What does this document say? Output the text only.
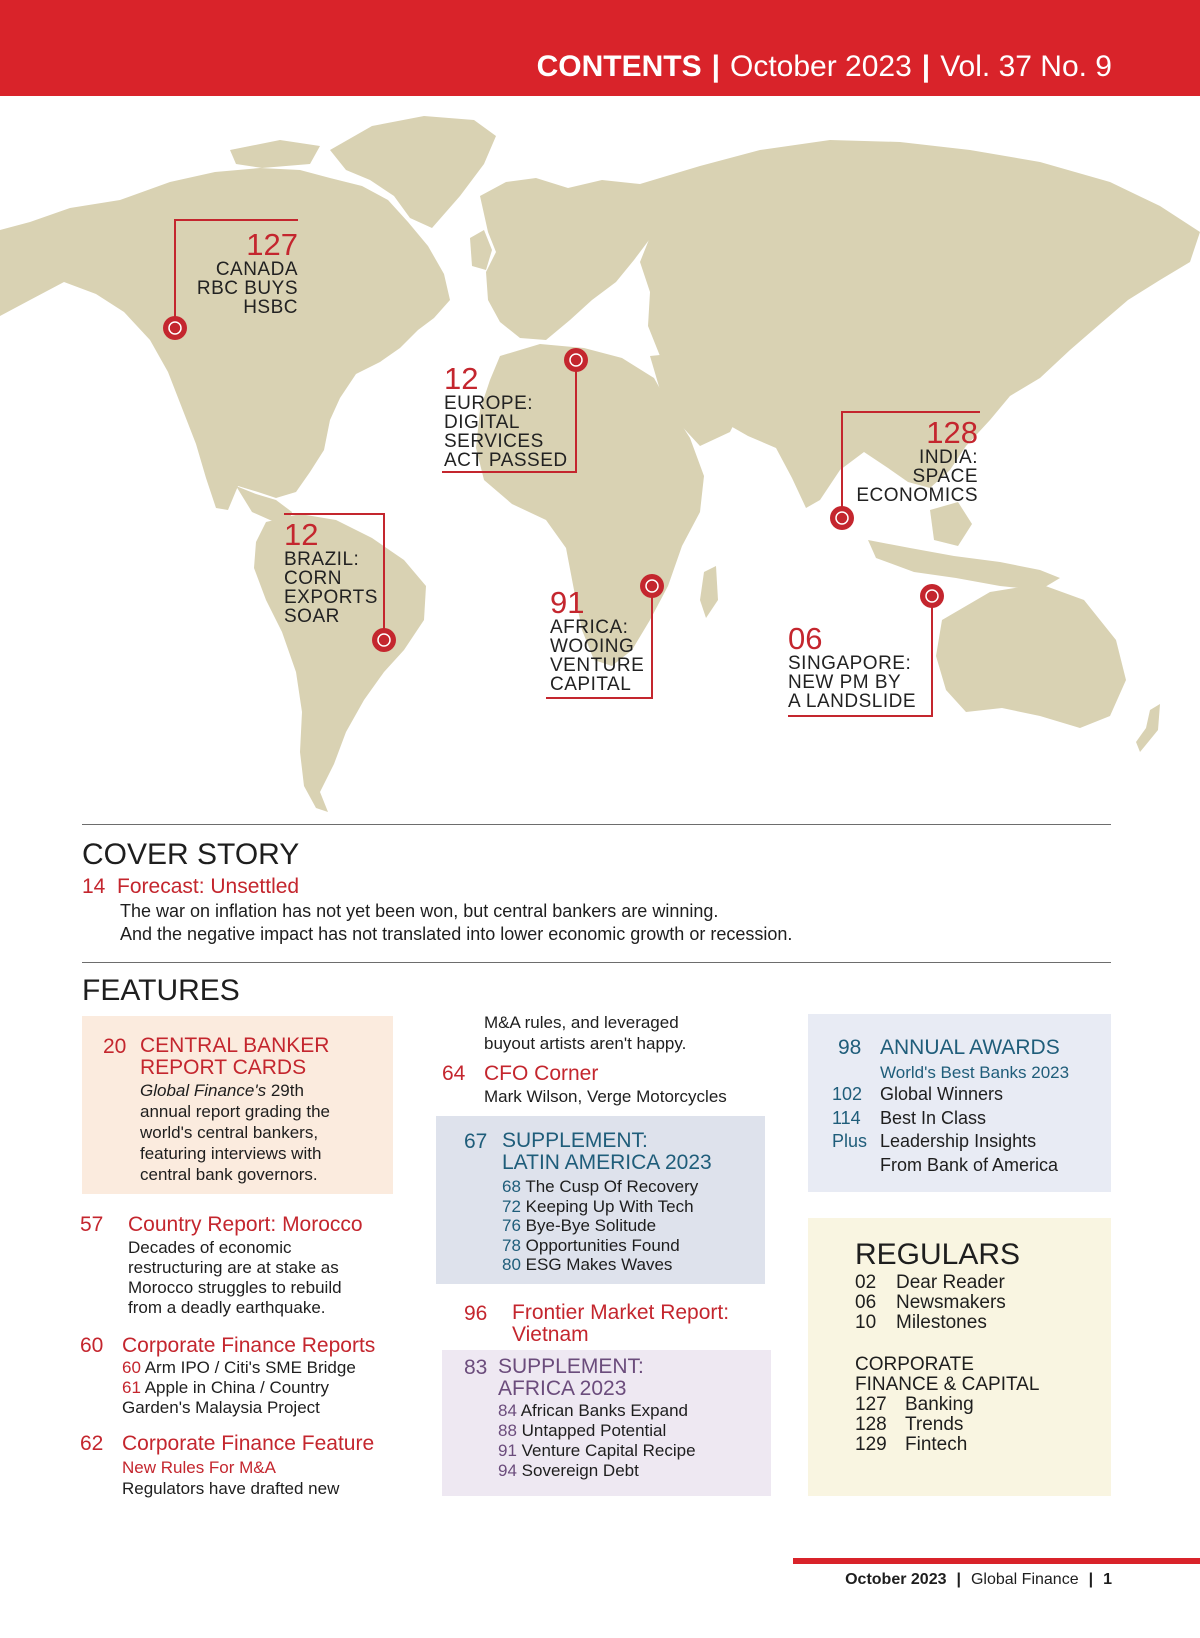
CONTENTS | October 2023 | Vol. 37 No. 9
127
CANADA
RBC BUYS
HSBC
12
EUROPE:
DIGITAL
SERVICES
ACT PASSED
128
INDIA:
SPACE
ECONOMICS
12
BRAZIL:
CORN
EXPORTS
SOAR	91
AFRICA:
WOOING
VENTURE
CAPITAL
06
SINGAPORE:
NEW PM BY
A LANDSLIDE
COVER STORY
14 Forecast: Unsettled
The war on inflation has not yet been won, but central bankers are winning.
And the negative impact has not translated into lower economic growth or recession.
FEATURES
20 CENTRAL BANKER
REPORT CARDS
Global Finance's 29th
annual report grading the
world's central bankers,
featuring interviews with
central bank governors.
57 Country Report: Morocco
Decades of economic
restructuring are at stake as
Morocco struggles to rebuild
from a deadly earthquake.
60 Corporate Finance Reports
60 Arm IPO / Citi's SME Bridge
61 Apple in China / Country
Garden's Malaysia Project
62 Corporate Finance Feature
New Rules For M&A
Regulators have drafted new
M&A rules, and leveraged
buyout artists aren't happy.
64 CFO Corner
Mark Wilson, Verge Motorcycles
67 SUPPLEMENT:
LATIN AMERICA 2023
68 The Cusp Of Recovery
72 Keeping Up With Tech
76 Bye-Bye Solitude
78 Opportunities Found
80 ESG Makes Waves
96 Frontier Market Report:
Vietnam
83 SUPPLEMENT:
AFRICA 2023
84 African Banks Expand
88 Untapped Potential
91 Venture Capital Recipe
94 Sovereign Debt
98 ANNUAL AWARDS
World's Best Banks 2023
102 Global Winners
114 Best In Class
Plus Leadership Insights
From Bank of America
REGULARS
02 Dear Reader
06 Newsmakers
10 Milestones
CORPORATE
FINANCE & CAPITAL
127 Banking
128 Trends
129 Fintech
October 2023 | Global Finance | 1
